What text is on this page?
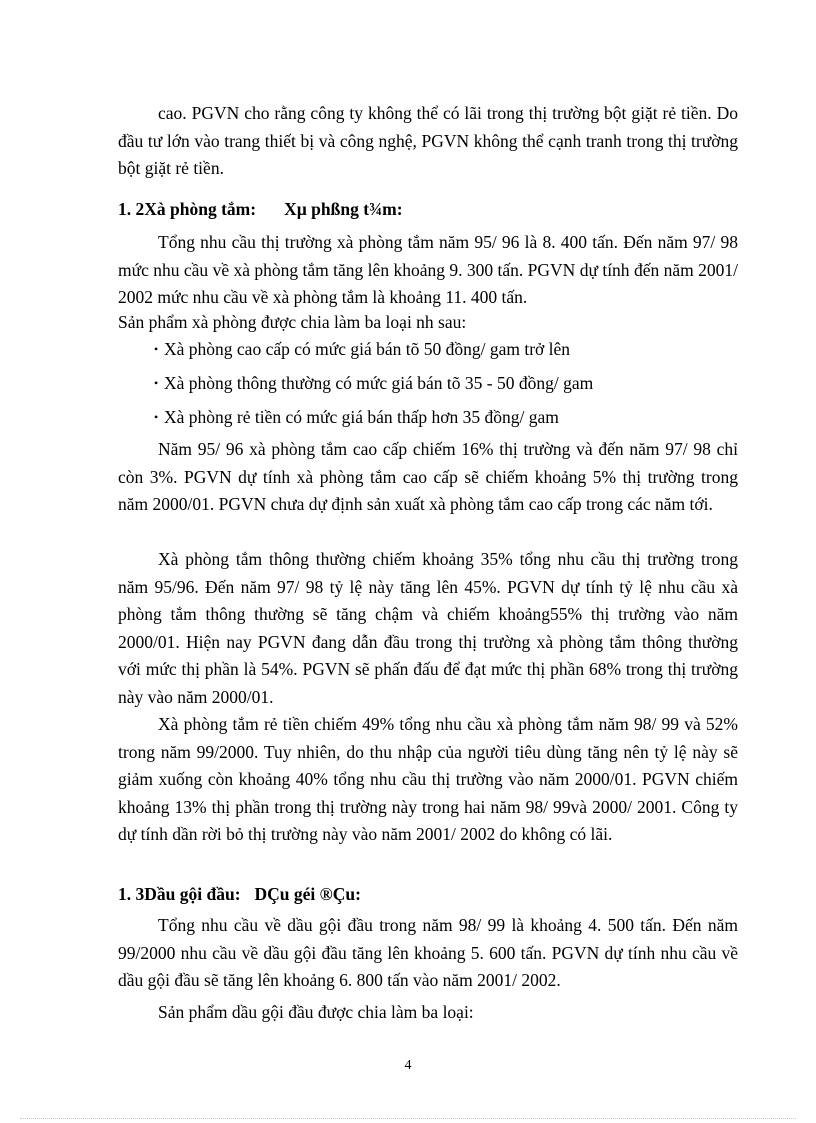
cao. PGVN cho rằng công ty không thể có lãi trong thị trường bột giặt rẻ tiền. Do đầu tư lớn vào trang thiết bị và công nghệ, PGVN không thể cạnh tranh trong thị trường bột giặt rẻ tiền.
1. 2Xà phòng tắm: Xµ phßng t¾m:
Tổng nhu cầu thị trường xà phòng tắm năm 95/ 96 là 8. 400 tấn. Đến năm 97/ 98 mức nhu cầu về xà phòng tắm tăng lên khoảng 9. 300 tấn. PGVN dự tính đến năm 2001/ 2002 mức nhu cầu về xà phòng tắm là khoảng 11. 400 tấn.
Sản phẩm xà phòng được chia làm ba loại nh sau:
• Xà phòng cao cấp có mức giá bán tõ 50 đồng/ gam trở lên
• Xà phòng thông thường có mức giá bán tõ 35 - 50 đồng/ gam
• Xà phòng rẻ tiền có mức giá bán thấp hơn 35 đồng/ gam
Năm 95/ 96 xà phòng tắm cao cấp chiếm 16% thị trường và đến năm 97/ 98 chỉ còn 3%. PGVN dự tính xà phòng tắm cao cấp sẽ chiếm khoảng 5% thị trường trong năm 2000/01. PGVN chưa dự định sản xuất xà phòng tắm cao cấp trong các năm tới.
Xà phòng tắm thông thường chiếm khoảng 35% tổng nhu cầu thị trường trong năm 95/96. Đến năm 97/ 98 tỷ lệ này tăng lên 45%. PGVN dự tính tỷ lệ nhu cầu xà phòng tắm thông thường sẽ tăng chậm và chiếm khoảng55% thị trường vào năm 2000/01. Hiện nay PGVN đang dẫn đầu trong thị trường xà phòng tắm thông thường với mức thị phần là 54%. PGVN sẽ phấn đấu để đạt mức thị phần 68% trong thị trường này vào năm 2000/01.
Xà phòng tắm rẻ tiền chiếm 49% tổng nhu cầu xà phòng tắm năm 98/ 99 và 52% trong năm 99/2000. Tuy nhiên, do thu nhập của người tiêu dùng tăng nên tỷ lệ này sẽ giảm xuống còn khoảng 40% tổng nhu cầu thị trường vào năm 2000/01. PGVN chiếm khoảng 13% thị phần trong thị trường này trong hai năm 98/ 99và 2000/ 2001. Công ty dự tính dần rời bỏ thị trường này vào năm 2001/ 2002 do không có lãi.
1. 3Dầu gội đầu: DÇu géi ®Çu:
Tổng nhu cầu về dầu gội đầu trong năm 98/ 99 là khoảng 4. 500 tấn. Đến năm 99/2000 nhu cầu về dầu gội đầu tăng lên khoảng 5. 600 tấn. PGVN dự tính nhu cầu về dầu gội đầu sẽ tăng lên khoảng 6. 800 tấn vào năm 2001/ 2002.
Sản phẩm dầu gội đầu được chia làm ba loại:
4
